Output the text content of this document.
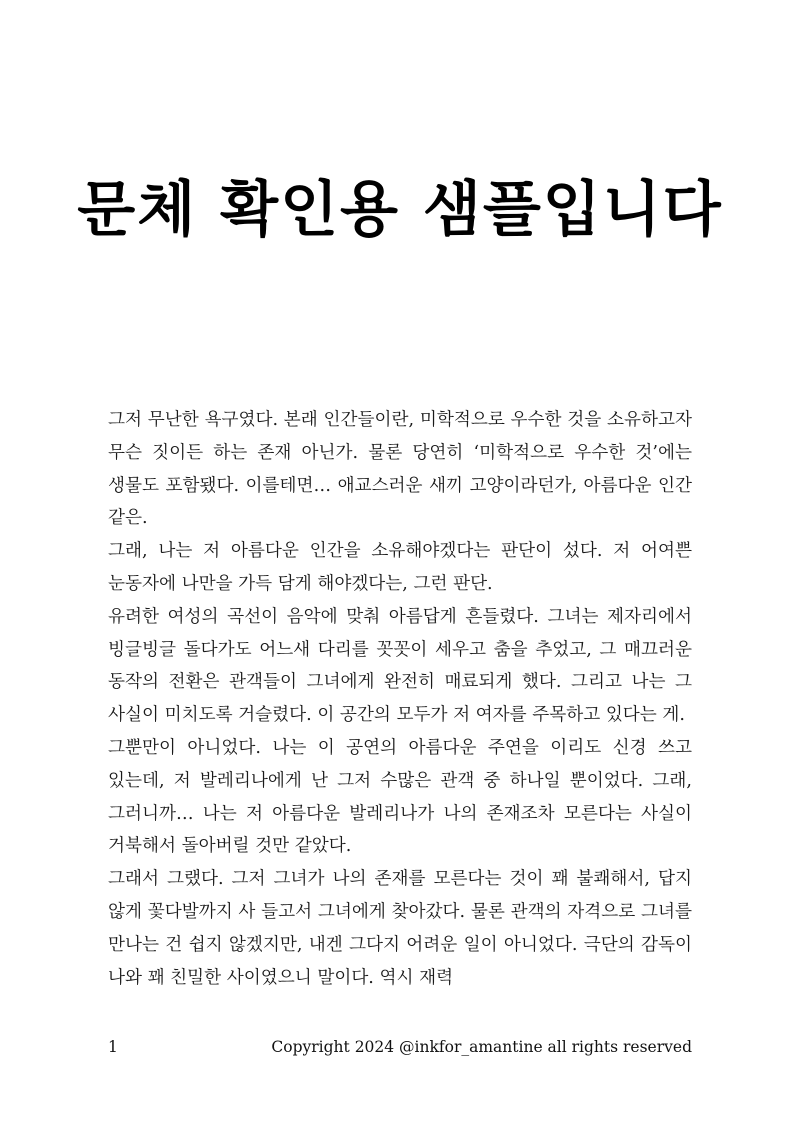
문체 확인용 샘플입니다

그저 무난한 욕구였다. 본래 인간들이란, 미학적으로 우수한 것을 소유하고자 무슨 짓이든 하는 존재 아닌가. 물론 당연히 ‘미학적으로 우수한 것’에는 생물도 포함됐다. 이를테면… 애교스러운 새끼 고양이라던가, 아름다운 인간 같은.

그래, 나는 저 아름다운 인간을 소유해야겠다는 판단이 섰다. 저 어여쁜 눈동자에 나만을 가득 담게 해야겠다는, 그런 판단.

유려한 여성의 곡선이 음악에 맞춰 아름답게 흔들렸다. 그녀는 제자리에서 빙글빙글 돌다가도 어느새 다리를 꼿꼿이 세우고 춤을 추었고, 그 매끄러운 동작의 전환은 관객들이 그녀에게 완전히 매료되게 했다. 그리고 나는 그 사실이 미치도록 거슬렸다. 이 공간의 모두가 저 여자를 주목하고 있다는 게.

그뿐만이 아니었다. 나는 이 공연의 아름다운 주연을 이리도 신경 쓰고 있는데, 저 발레리나에게 난 그저 수많은 관객 중 하나일 뿐이었다. 그래, 그러니까… 나는 저 아름다운 발레리나가 나의 존재조차 모른다는 사실이 거북해서 돌아버릴 것만 같았다.

그래서 그랬다. 그저 그녀가 나의 존재를 모른다는 것이 꽤 불쾌해서, 답지 않게 꽃다발까지 사 들고서 그녀에게 찾아갔다. 물론 관객의 자격으로 그녀를 만나는 건 쉽지 않겠지만, 내겐 그다지 어려운 일이 아니었다. 극단의 감독이 나와 꽤 친밀한 사이였으니 말이다. 역시 재력

1	Copyright 2024 @inkfor_amantine all rights reserved
